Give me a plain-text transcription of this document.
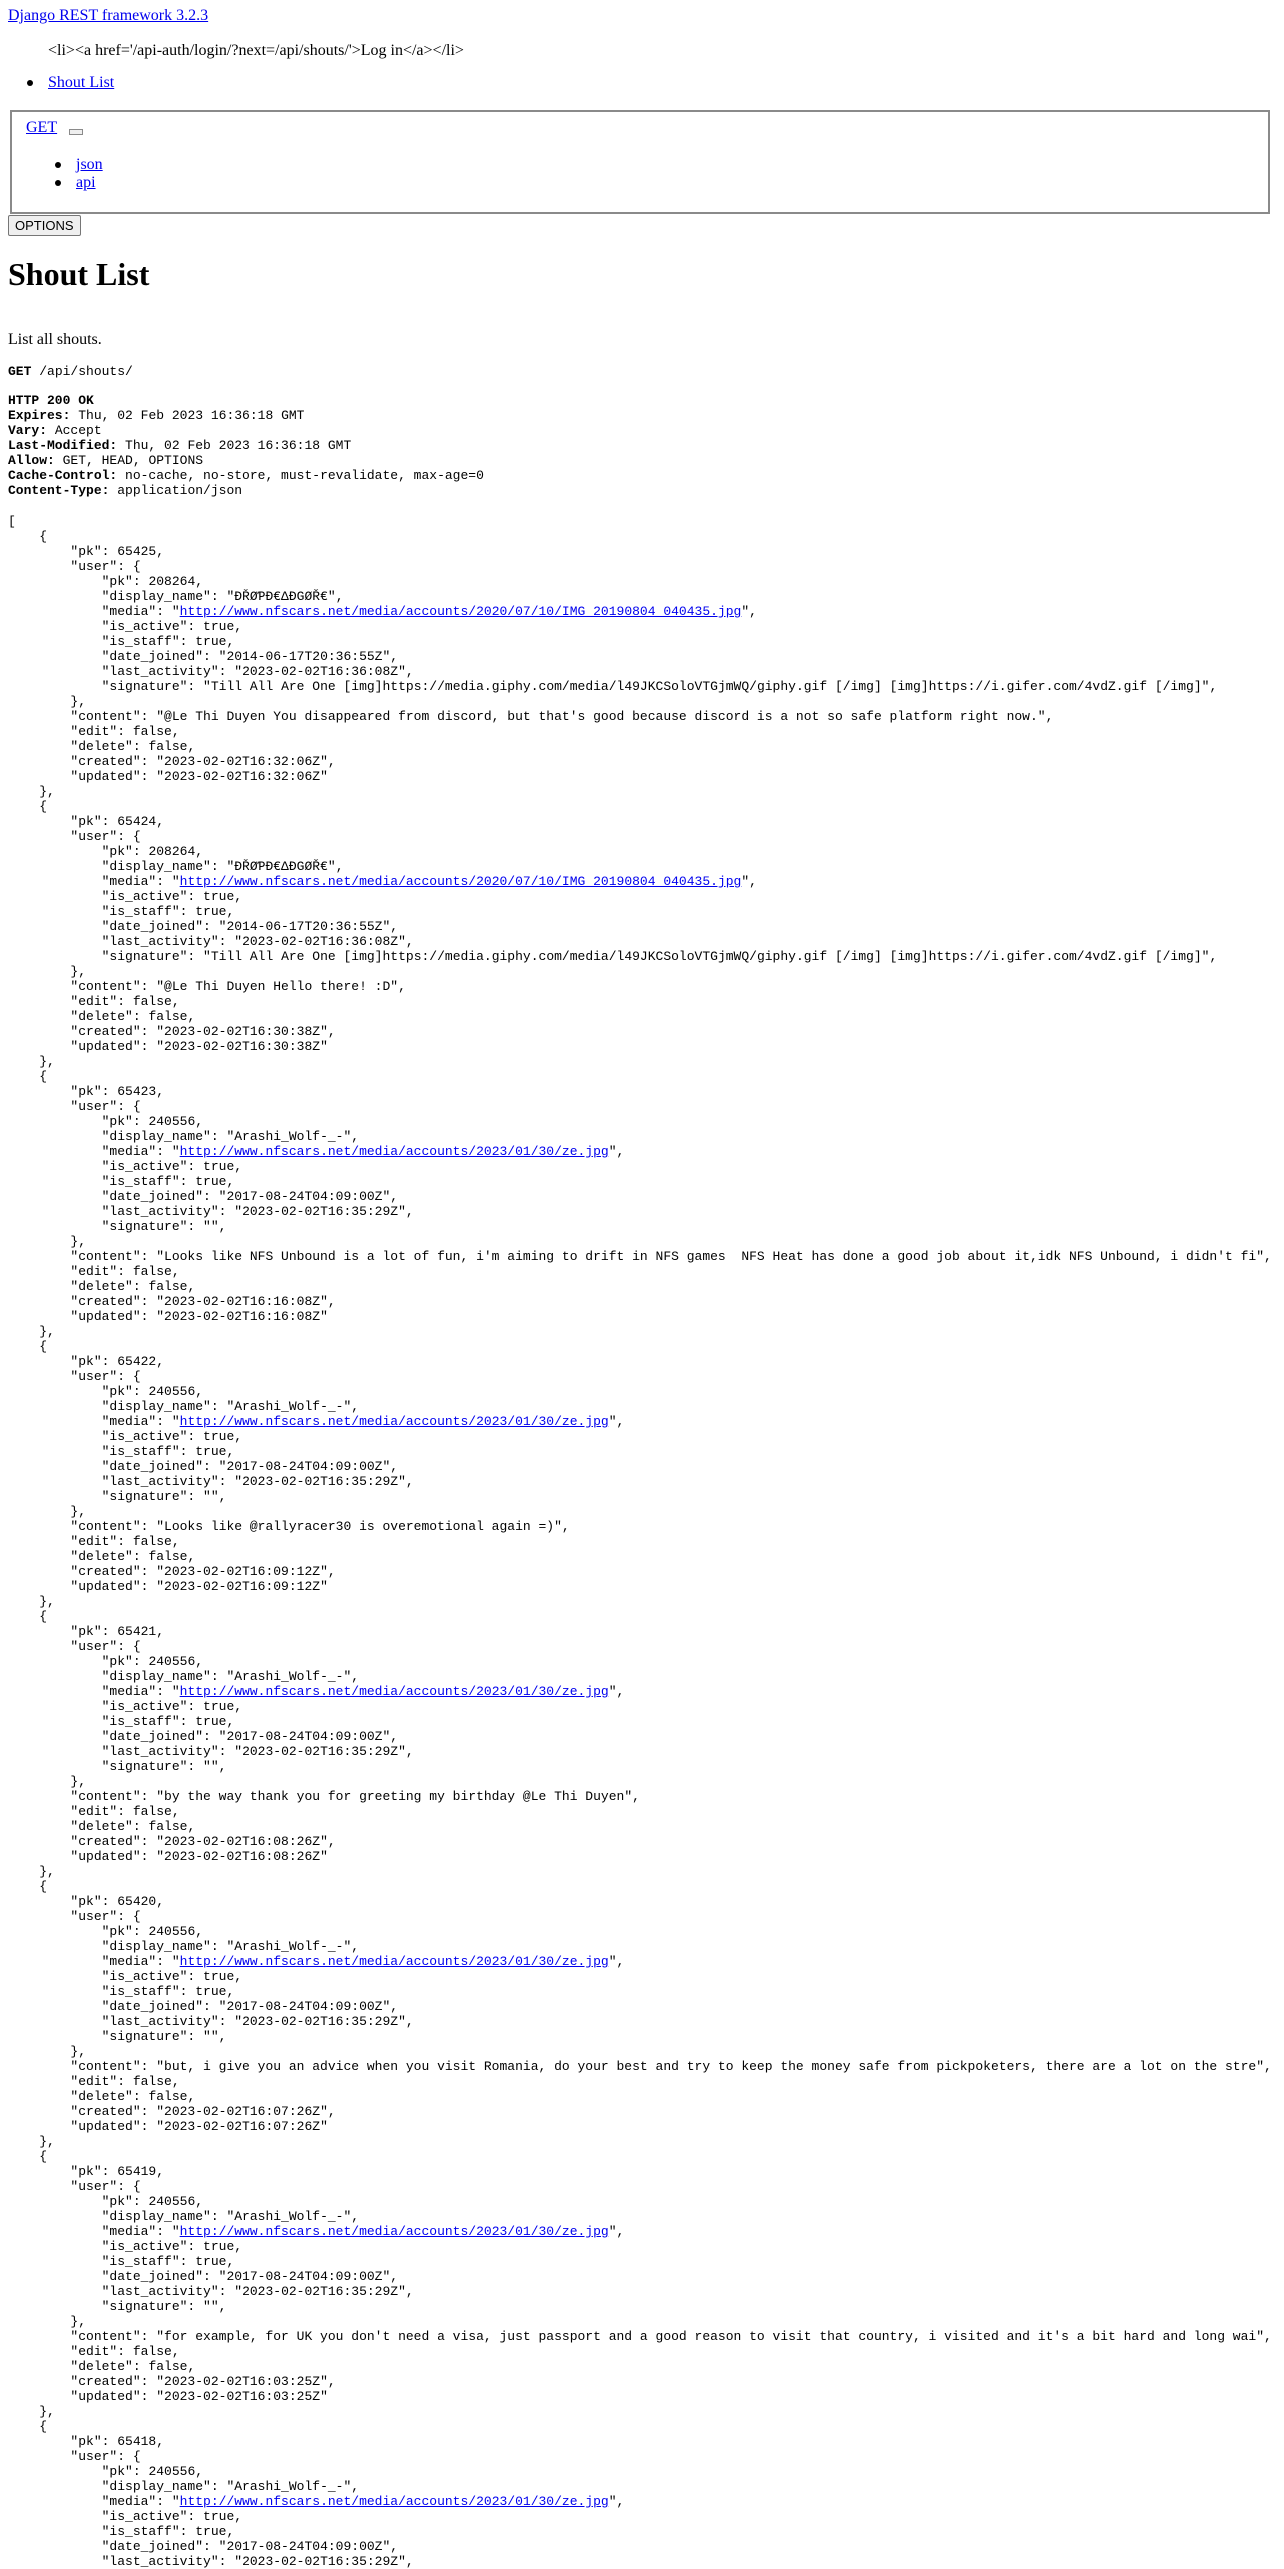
Django REST framework 3.2.3
<li><a href='/api-auth/login/?next=/api/shouts/'>Log in</a></li>
Shout List
GET
json
api
OPTIONS
Shout List

List all shouts.

GET /api/shouts/
HTTP 200 OK
Expires: Thu, 02 Feb 2023 16:36:18 GMT
Vary: Accept
Last-Modified: Thu, 02 Feb 2023 16:36:18 GMT
Allow: GET, HEAD, OPTIONS
Cache-Control: no-cache, no-store, must-revalidate, max-age=0
Content-Type: application/json
[
{
"pk": 65425,
"user": {
"pk": 208264,
"display_name": "ĐŘØƤĐ€ΔĐGØŘ€",
"media": "http://www.nfscars.net/media/accounts/2020/07/10/IMG_20190804_040435.jpg",
"is_active": true,
"is_staff": true,
"date_joined": "2014-06-17T20:36:55Z",
"last_activity": "2023-02-02T16:36:08Z",
"signature": "Till All Are One [img]https://media.giphy.com/media/l49JKCSoloVTGjmWQ/giphy.gif [/img] [img]https://i.gifer.com/4vdZ.gif [/img]",
},
"content": "@Le Thi Duyen You disappeared from discord, but that's good because discord is a not so safe platform right now.",
"edit": false,
"delete": false,
"created": "2023-02-02T16:32:06Z",
"updated": "2023-02-02T16:32:06Z"
},
{
"pk": 65424,
"user": {
"pk": 208264,
"display_name": "ĐŘØƤĐ€ΔĐGØŘ€",
"media": "http://www.nfscars.net/media/accounts/2020/07/10/IMG_20190804_040435.jpg",
"is_active": true,
"is_staff": true,
"date_joined": "2014-06-17T20:36:55Z",
"last_activity": "2023-02-02T16:36:08Z",
"signature": "Till All Are One [img]https://media.giphy.com/media/l49JKCSoloVTGjmWQ/giphy.gif [/img] [img]https://i.gifer.com/4vdZ.gif [/img]",
},
"content": "@Le Thi Duyen Hello there! :D",
"edit": false,
"delete": false,
"created": "2023-02-02T16:30:38Z",
"updated": "2023-02-02T16:30:38Z"
},
{
"pk": 65423,
"user": {
"pk": 240556,
"display_name": "Arashi_Wolf-_-",
"media": "http://www.nfscars.net/media/accounts/2023/01/30/ze.jpg",
"is_active": true,
"is_staff": true,
"date_joined": "2017-08-24T04:09:00Z",
"last_activity": "2023-02-02T16:35:29Z",
"signature": "",
},
"content": "Looks like NFS Unbound is a lot of fun, i'm aiming to drift in NFS games  NFS Heat has done a good job about it,idk NFS Unbound, i didn't fi",
"edit": false,
"delete": false,
"created": "2023-02-02T16:16:08Z",
"updated": "2023-02-02T16:16:08Z"
},
{
"pk": 65422,
"user": {
"pk": 240556,
"display_name": "Arashi_Wolf-_-",
"media": "http://www.nfscars.net/media/accounts/2023/01/30/ze.jpg",
"is_active": true,
"is_staff": true,
"date_joined": "2017-08-24T04:09:00Z",
"last_activity": "2023-02-02T16:35:29Z",
"signature": "",
},
"content": "Looks like @rallyracer30 is overemotional again =)",
"edit": false,
"delete": false,
"created": "2023-02-02T16:09:12Z",
"updated": "2023-02-02T16:09:12Z"
},
{
"pk": 65421,
"user": {
"pk": 240556,
"display_name": "Arashi_Wolf-_-",
"media": "http://www.nfscars.net/media/accounts/2023/01/30/ze.jpg",
"is_active": true,
"is_staff": true,
"date_joined": "2017-08-24T04:09:00Z",
"last_activity": "2023-02-02T16:35:29Z",
"signature": "",
},
"content": "by the way thank you for greeting my birthday @Le Thi Duyen",
"edit": false,
"delete": false,
"created": "2023-02-02T16:08:26Z",
"updated": "2023-02-02T16:08:26Z"
},
{
"pk": 65420,
"user": {
"pk": 240556,
"display_name": "Arashi_Wolf-_-",
"media": "http://www.nfscars.net/media/accounts/2023/01/30/ze.jpg",
"is_active": true,
"is_staff": true,
"date_joined": "2017-08-24T04:09:00Z",
"last_activity": "2023-02-02T16:35:29Z",
"signature": "",
},
"content": "but, i give you an advice when you visit Romania, do your best and try to keep the money safe from pickpoketers, there are a lot on the stre",
"edit": false,
"delete": false,
"created": "2023-02-02T16:07:26Z",
"updated": "2023-02-02T16:07:26Z"
},
{
"pk": 65419,
"user": {
"pk": 240556,
"display_name": "Arashi_Wolf-_-",
"media": "http://www.nfscars.net/media/accounts/2023/01/30/ze.jpg",
"is_active": true,
"is_staff": true,
"date_joined": "2017-08-24T04:09:00Z",
"last_activity": "2023-02-02T16:35:29Z",
"signature": "",
},
"content": "for example, for UK you don't need a visa, just passport and a good reason to visit that country, i visited and it's a bit hard and long wai",
"edit": false,
"delete": false,
"created": "2023-02-02T16:03:25Z",
"updated": "2023-02-02T16:03:25Z"
},
{
"pk": 65418,
"user": {
"pk": 240556,
"display_name": "Arashi_Wolf-_-",
"media": "http://www.nfscars.net/media/accounts/2023/01/30/ze.jpg",
"is_active": true,
"is_staff": true,
"date_joined": "2017-08-24T04:09:00Z",
"last_activity": "2023-02-02T16:35:29Z",
